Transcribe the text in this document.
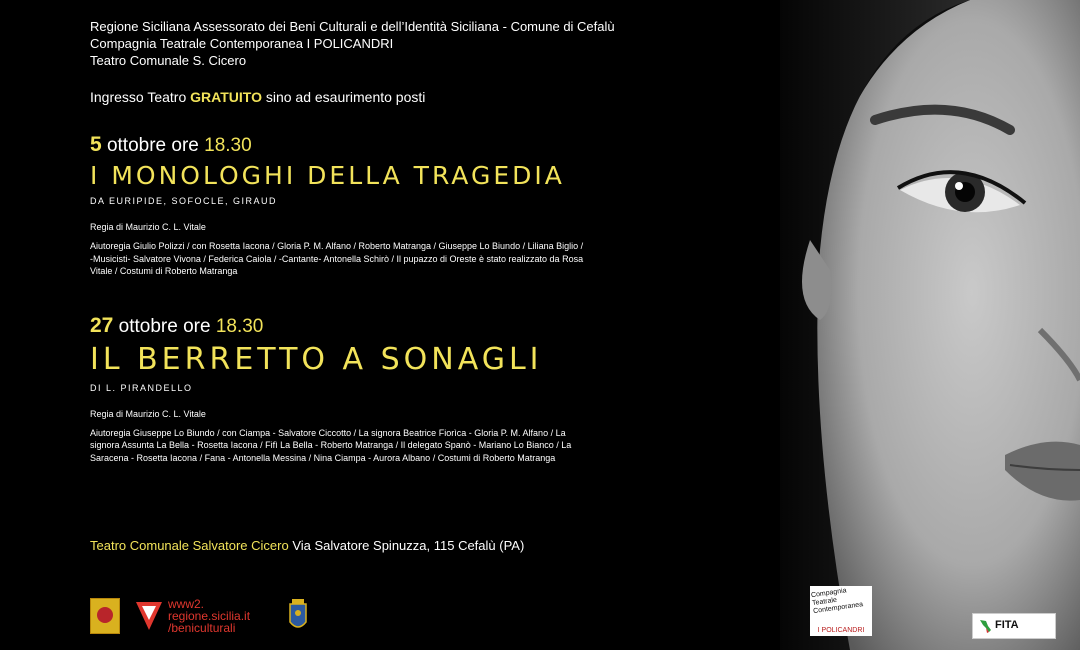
Regione Siciliana Assessorato dei Beni Culturali e dell’Identità Siciliana - Comune di Cefalù
Compagnia Teatrale Contemporanea I POLICANDRI
Teatro Comunale S. Cicero
Ingresso Teatro GRATUITO sino ad esaurimento posti
5 ottobre ore 18.30
I MONOLOGHI DELLA TRAGEDIA
DA EURIPIDE, SOFOCLE, GIRAUD
Regia di Maurizio C. L. Vitale
Aiutoregia Giulio Polizzi / con Rosetta Iacona / Gloria P. M. Alfano / Roberto Matranga / Giuseppe Lo Biundo / Liliana Biglio / -Musicisti- Salvatore Vivona / Federica Caiola / -Cantante- Antonella Schirò / Il pupazzo di Oreste è stato realizzato da Rosa Vitale / Costumi di Roberto Matranga
27 ottobre ore 18.30
IL BERRETTO A SONAGLI
DI L. PIRANDELLO
Regia di Maurizio C. L. Vitale
Aiutoregia Giuseppe Lo Biundo / con Ciampa - Salvatore Ciccotto / La signora Beatrice Fiorìca - Gloria P. M. Alfano / La signora Assunta La Bella - Rosetta Iacona / Fifì La Bella - Roberto Matranga / Il delegato Spanò - Mariano Lo Bianco / La Saracena - Rosetta Iacona / Fana - Antonella Messina / Nina Ciampa - Aurora Albano / Costumi di Roberto Matranga
Teatro Comunale Salvatore Cicero Via Salvatore Spinuzza, 115 Cefalù (PA)
www2.
regione.sicilia.it
/beniculturali
Compagnia Teatrale Contemporanea
I POLICANDRI	FITA
